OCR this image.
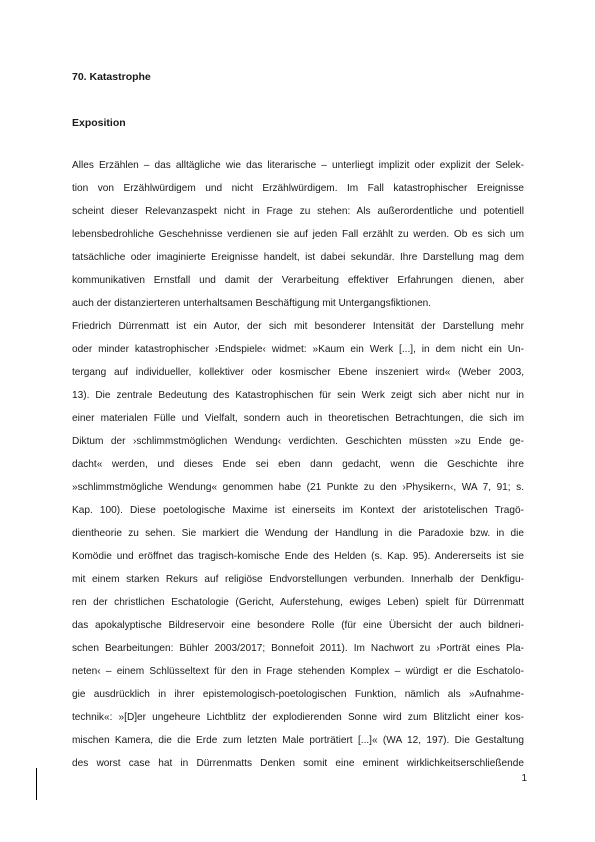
70. Katastrophe
Exposition
Alles Erzählen – das alltägliche wie das literarische – unterliegt implizit oder explizit der Selek-
tion von Erzählwürdigem und nicht Erzählwürdigem. Im Fall katastrophischer Ereignisse
scheint dieser Relevanzaspekt nicht in Frage zu stehen: Als außerordentliche und potentiell
lebensbedrohliche Geschehnisse verdienen sie auf jeden Fall erzählt zu werden. Ob es sich um
tatsächliche oder imaginierte Ereignisse handelt, ist dabei sekundär. Ihre Darstellung mag dem
kommunikativen Ernstfall und damit der Verarbeitung effektiver Erfahrungen dienen, aber
auch der distanzierteren unterhaltsamen Beschäftigung mit Untergangsfiktionen.
Friedrich Dürrenmatt ist ein Autor, der sich mit besonderer Intensität der Darstellung mehr
oder minder katastrophischer ›Endspiele‹ widmet: »Kaum ein Werk [...], in dem nicht ein Un-
tergang auf individueller, kollektiver oder kosmischer Ebene inszeniert wird« (Weber 2003,
13). Die zentrale Bedeutung des Katastrophischen für sein Werk zeigt sich aber nicht nur in
einer materialen Fülle und Vielfalt, sondern auch in theoretischen Betrachtungen, die sich im
Diktum der ›schlimmstmöglichen Wendung‹ verdichten. Geschichten müssten »zu Ende ge-
dacht« werden, und dieses Ende sei eben dann gedacht, wenn die Geschichte ihre
»schlimmstmögliche Wendung« genommen habe (21 Punkte zu den ›Physikern‹, WA 7, 91; s.
Kap. 100). Diese poetologische Maxime ist einerseits im Kontext der aristotelischen Tragö-
dientheorie zu sehen. Sie markiert die Wendung der Handlung in die Paradoxie bzw. in die
Komödie und eröffnet das tragisch-komische Ende des Helden (s. Kap. 95). Andererseits ist sie
mit einem starken Rekurs auf religiöse Endvorstellungen verbunden. Innerhalb der Denkfigu-
ren der christlichen Eschatologie (Gericht, Auferstehung, ewiges Leben) spielt für Dürrenmatt
das apokalyptische Bildreservoir eine besondere Rolle (für eine Übersicht der auch bildneri-
schen Bearbeitungen: Bühler 2003/2017; Bonnefoit 2011). Im Nachwort zu ›Porträt eines Pla-
neten‹ – einem Schlüsseltext für den in Frage stehenden Komplex – würdigt er die Eschatolo-
gie ausdrücklich in ihrer epistemologisch-poetologischen Funktion, nämlich als »Aufnahme-
technik«: »[D]er ungeheure Lichtblitz der explodierenden Sonne wird zum Blitzlicht einer kos-
mischen Kamera, die die Erde zum letzten Male porträtiert [...]« (WA 12, 197). Die Gestaltung
des worst case hat in Dürrenmatts Denken somit eine eminent wirklichkeitserschließende
1
